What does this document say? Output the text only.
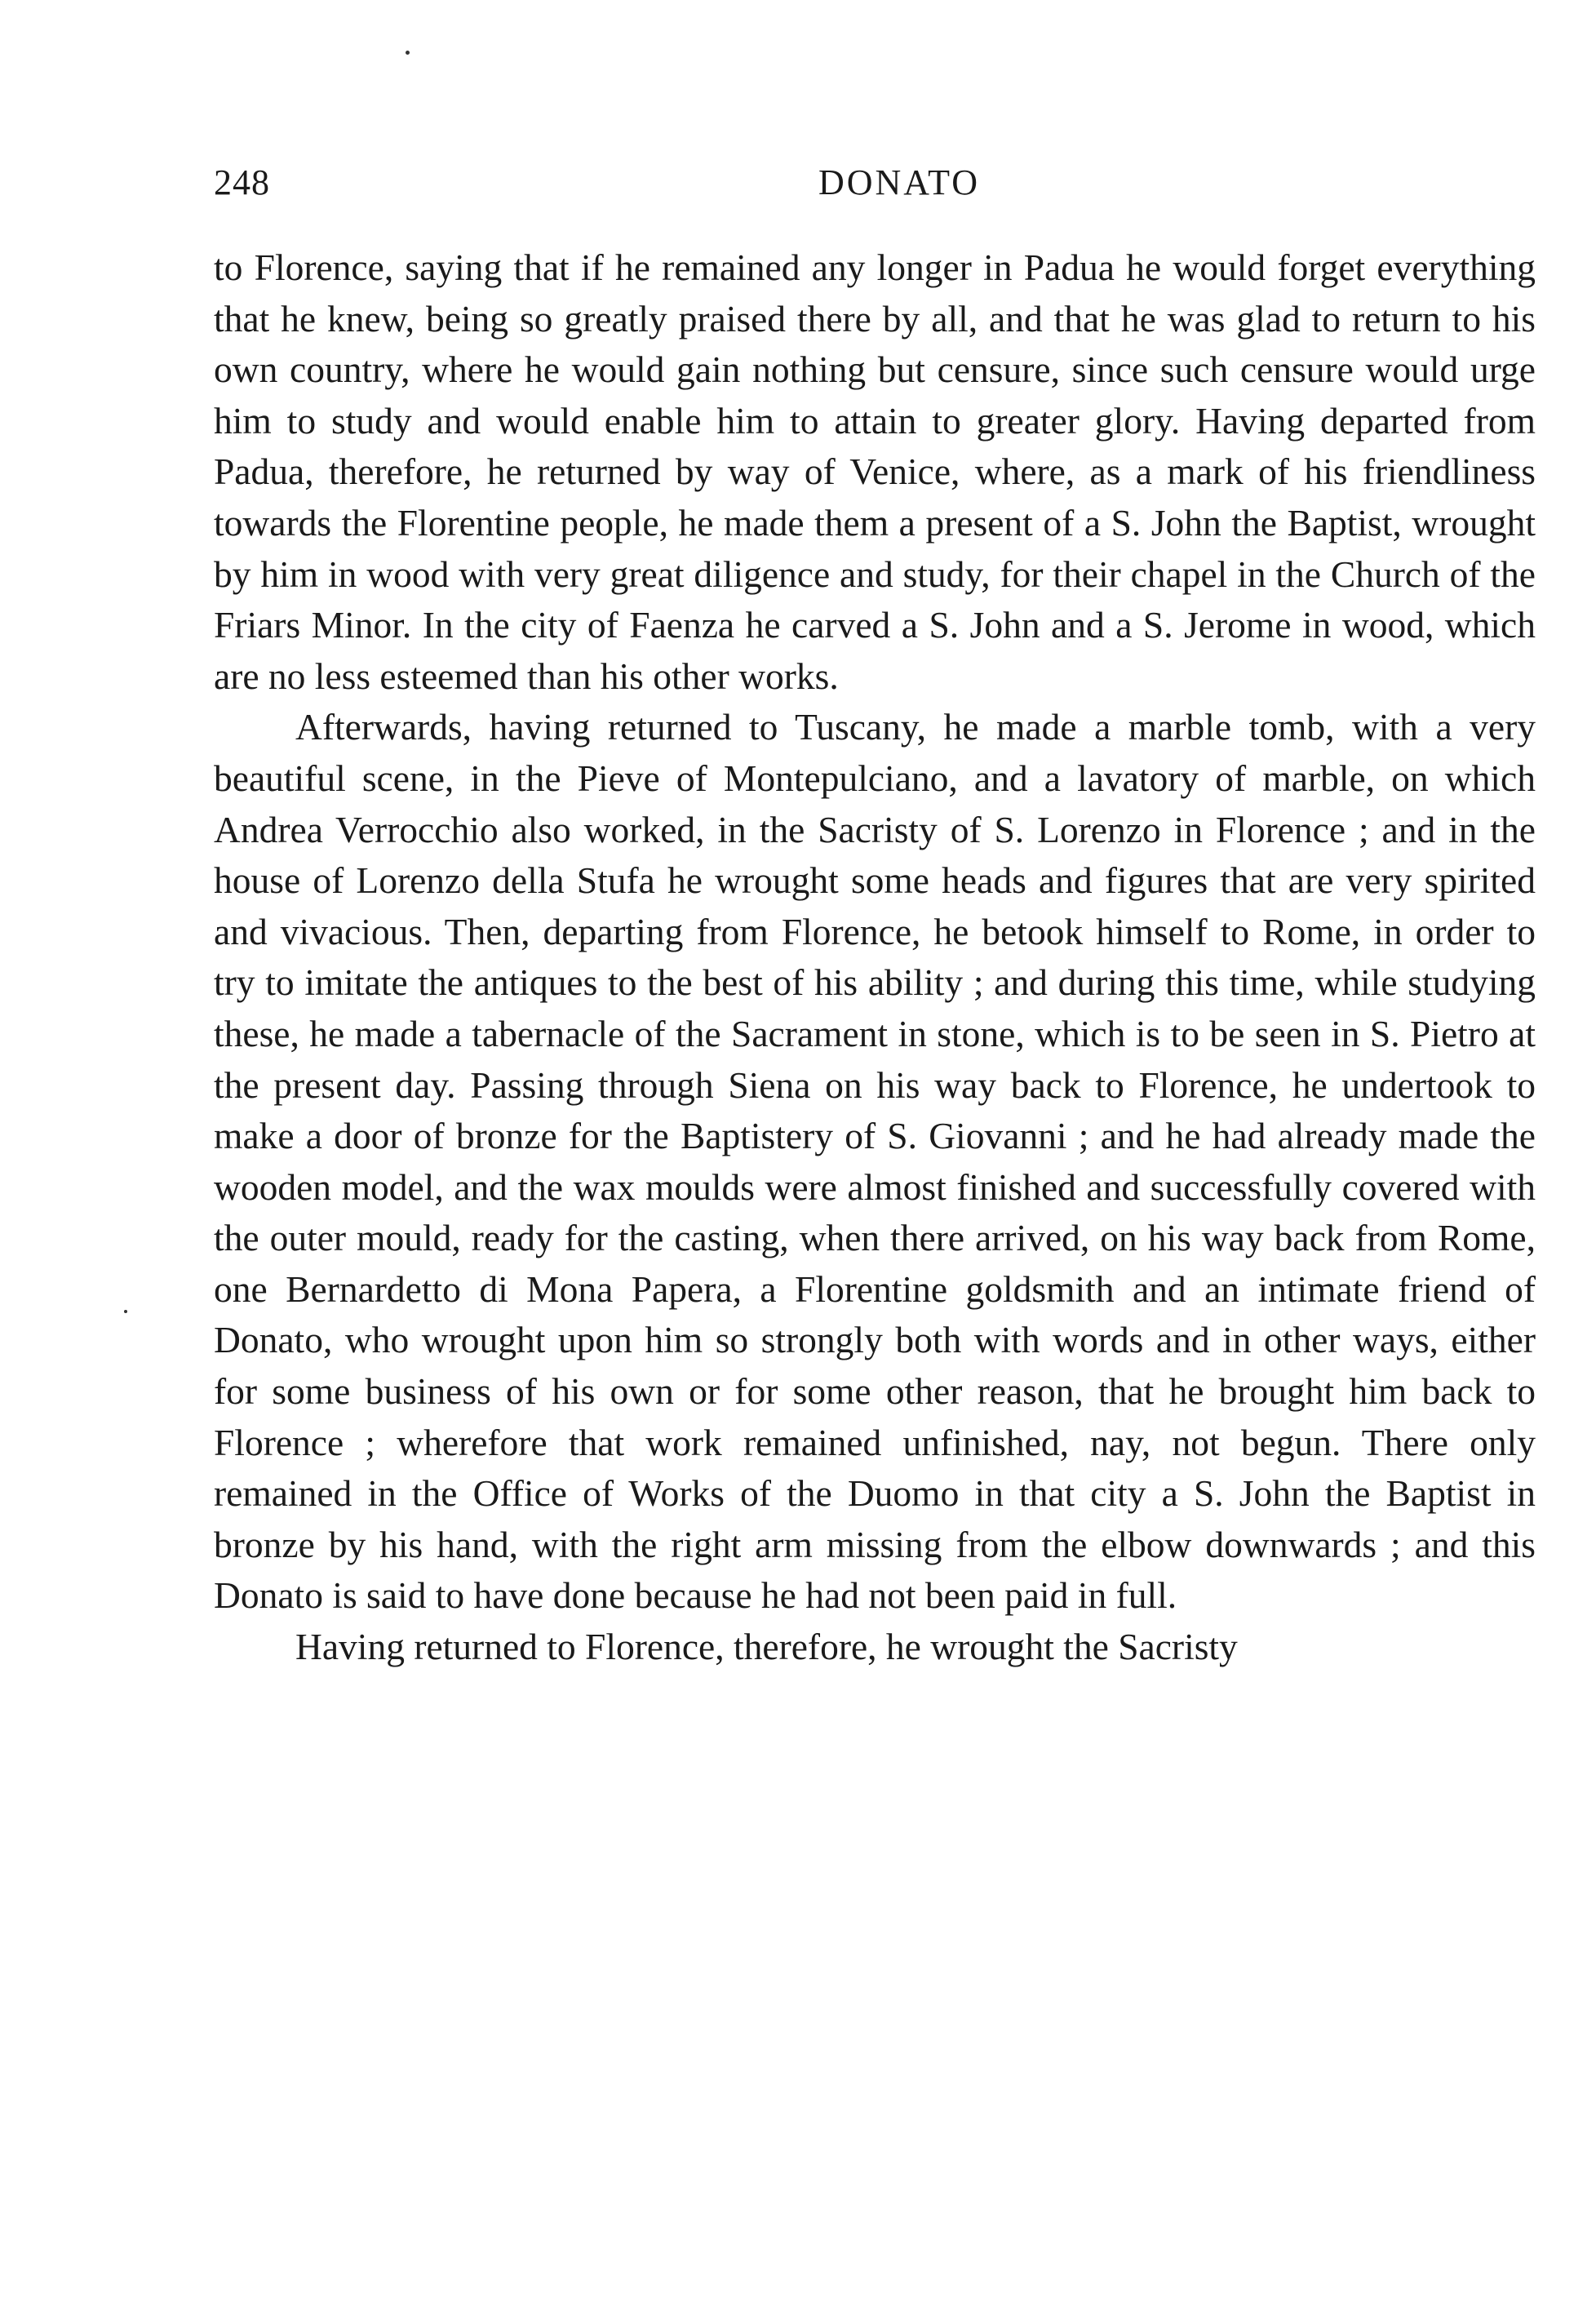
248	DONATO

to Florence, saying that if he remained any longer in Padua he would forget everything that he knew, being so greatly praised there by all, and that he was glad to return to his own country, where he would gain nothing but censure, since such censure would urge him to study and would enable him to attain to greater glory. Having departed from Padua, therefore, he returned by way of Venice, where, as a mark of his friendliness towards the Florentine people, he made them a present of a S. John the Baptist, wrought by him in wood with very great diligence and study, for their chapel in the Church of the Friars Minor. In the city of Faenza he carved a S. John and a S. Jerome in wood, which are no less esteemed than his other works.

Afterwards, having returned to Tuscany, he made a marble tomb, with a very beautiful scene, in the Pieve of Montepulciano, and a lavatory of marble, on which Andrea Verrocchio also worked, in the Sacristy of S. Lorenzo in Florence ; and in the house of Lorenzo della Stufa he wrought some heads and figures that are very spirited and vivacious. Then, departing from Florence, he betook himself to Rome, in order to try to imitate the antiques to the best of his ability ; and during this time, while studying these, he made a tabernacle of the Sacrament in stone, which is to be seen in S. Pietro at the present day. Passing through Siena on his way back to Florence, he undertook to make a door of bronze for the Baptistery of S. Giovanni ; and he had already made the wooden model, and the wax moulds were almost finished and successfully covered with the outer mould, ready for the casting, when there arrived, on his way back from Rome, one Bernardetto di Mona Papera, a Florentine goldsmith and an intimate friend of Donato, who wrought upon him so strongly both with words and in other ways, either for some business of his own or for some other reason, that he brought him back to Florence ; wherefore that work remained unfinished, nay, not begun. There only remained in the Office of Works of the Duomo in that city a S. John the Baptist in bronze by his hand, with the right arm missing from the elbow downwards ; and this Donato is said to have done because he had not been paid in full.

Having returned to Florence, therefore, he wrought the Sacristy
